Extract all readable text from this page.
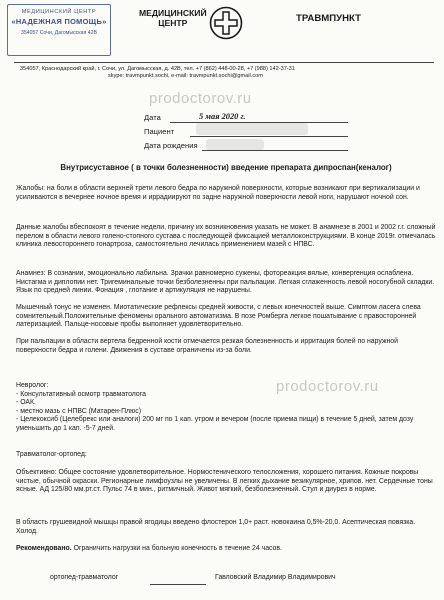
МЕДИЦИНСКИЙ ЦЕНТР
«НАДЕЖНАЯ ПОМОЩЬ»
354057 Сочи, Дагомысская 42В
МЕДИЦИНСКИЙ
ЦЕНТР	ТРАВМПУНКТ
354057, Краснодарский край, г. Сочи, ул. Дагомысская, д. 42В, тел. +7 (862) 448-00-28, +7 (988) 142-37-31
skype: travmpunkt.sochi, e-mail: travmpunkt.sochi@gmail.com
Дата	5 мая 2020 г.
Пациент
Дата рождения
Внутрисуставное ( в точки болезненности) введение препарата дипроспан(кеналог)
Жалобы: на боли в области верхней трети левого бедра по наружной поверхности, которые возникают при вертикализации и усиливаются в вечернее ночное время и иррадиируют по задне наружной поверхности левой ноги, нарушают ночной сон.
Данные жалобы вбеспокоят в течение недели, причину их возникновения указать не может. В анамнезе в 2001 и 2002 г.г. сложный перелом в области левого голено-стопного сустава с последующей фиксацией металлоконструкциями. В конце 2019г. отмечалась клиника левостороннего гонартроза, самостоятельно лечилась применением мазей с НПВС.
Анамнез: В сознании, эмоционально лабильна. Зрачки равномерно сужены, фотореакция вялые, конвергенция ослаблена. Нистагма и диплопии нет. Тригеминальные точки безболезненны при пальпации. Легкая сглаженность левой носогубной складки. Язык по средней линии. Фонация , глотание и артикуляция не нарушены.
Мышечный тонус не изменен. Миотатические рефлексы средней живости, с левых конечностей выше. Симптом ласега слева сомнительный.Положительные феномены орального автоматизма. В позе Ромберга легкое пошатывание с правосторонней латеризацией. Пальце-носовые пробы выполняет удовлетворительно.
При пальпации в области вертела бедренной кости отмечается резкая болезненность и ирритация болей по наружной поверхности бедра и голени. Движения в суставе ограничены из-за боли.
Невролог:
- Консультативный осмотр травматолога
- ОАК.
- местно мазь с НПВС (Матарен-Плюс)
- Целекоксиб (Целебрекс или аналоги) 200 мг по 1 кап. утром и вечером (после приема пищи) в течение 5 дней, затем дозу уменьшить до 1 кап. -5-7 дней.
Травматолог-ортопед:
Объективно: Общее состояние удовлетворительное. Нормостенического телосложения, хорошего питания. Кожные покровы чистые, обычной окраски. Регионарные лимфоузлы не увеличены. В легких дыхание везикулярное, хрипов. нет. Сердечные тоны ясные. АД 125/80 мм.рт.ст. Пульс 74 в мин., ритмичный. Живот мягкий, безболезненный. Стул и диурез в норме.
В область грушевидной мышцы правой ягодицы введено флостерон 1,0+ раст. новокаина 0,5%-20,0. Асептическая повязка. Холод.
Рекомендовано. Ограничить нагрузки на больную конечность в течение 24 часов.
ортопед-травматолог	Гавловский Владимир Владимирович
prodoctorov.ru
prodoctorov.ru
